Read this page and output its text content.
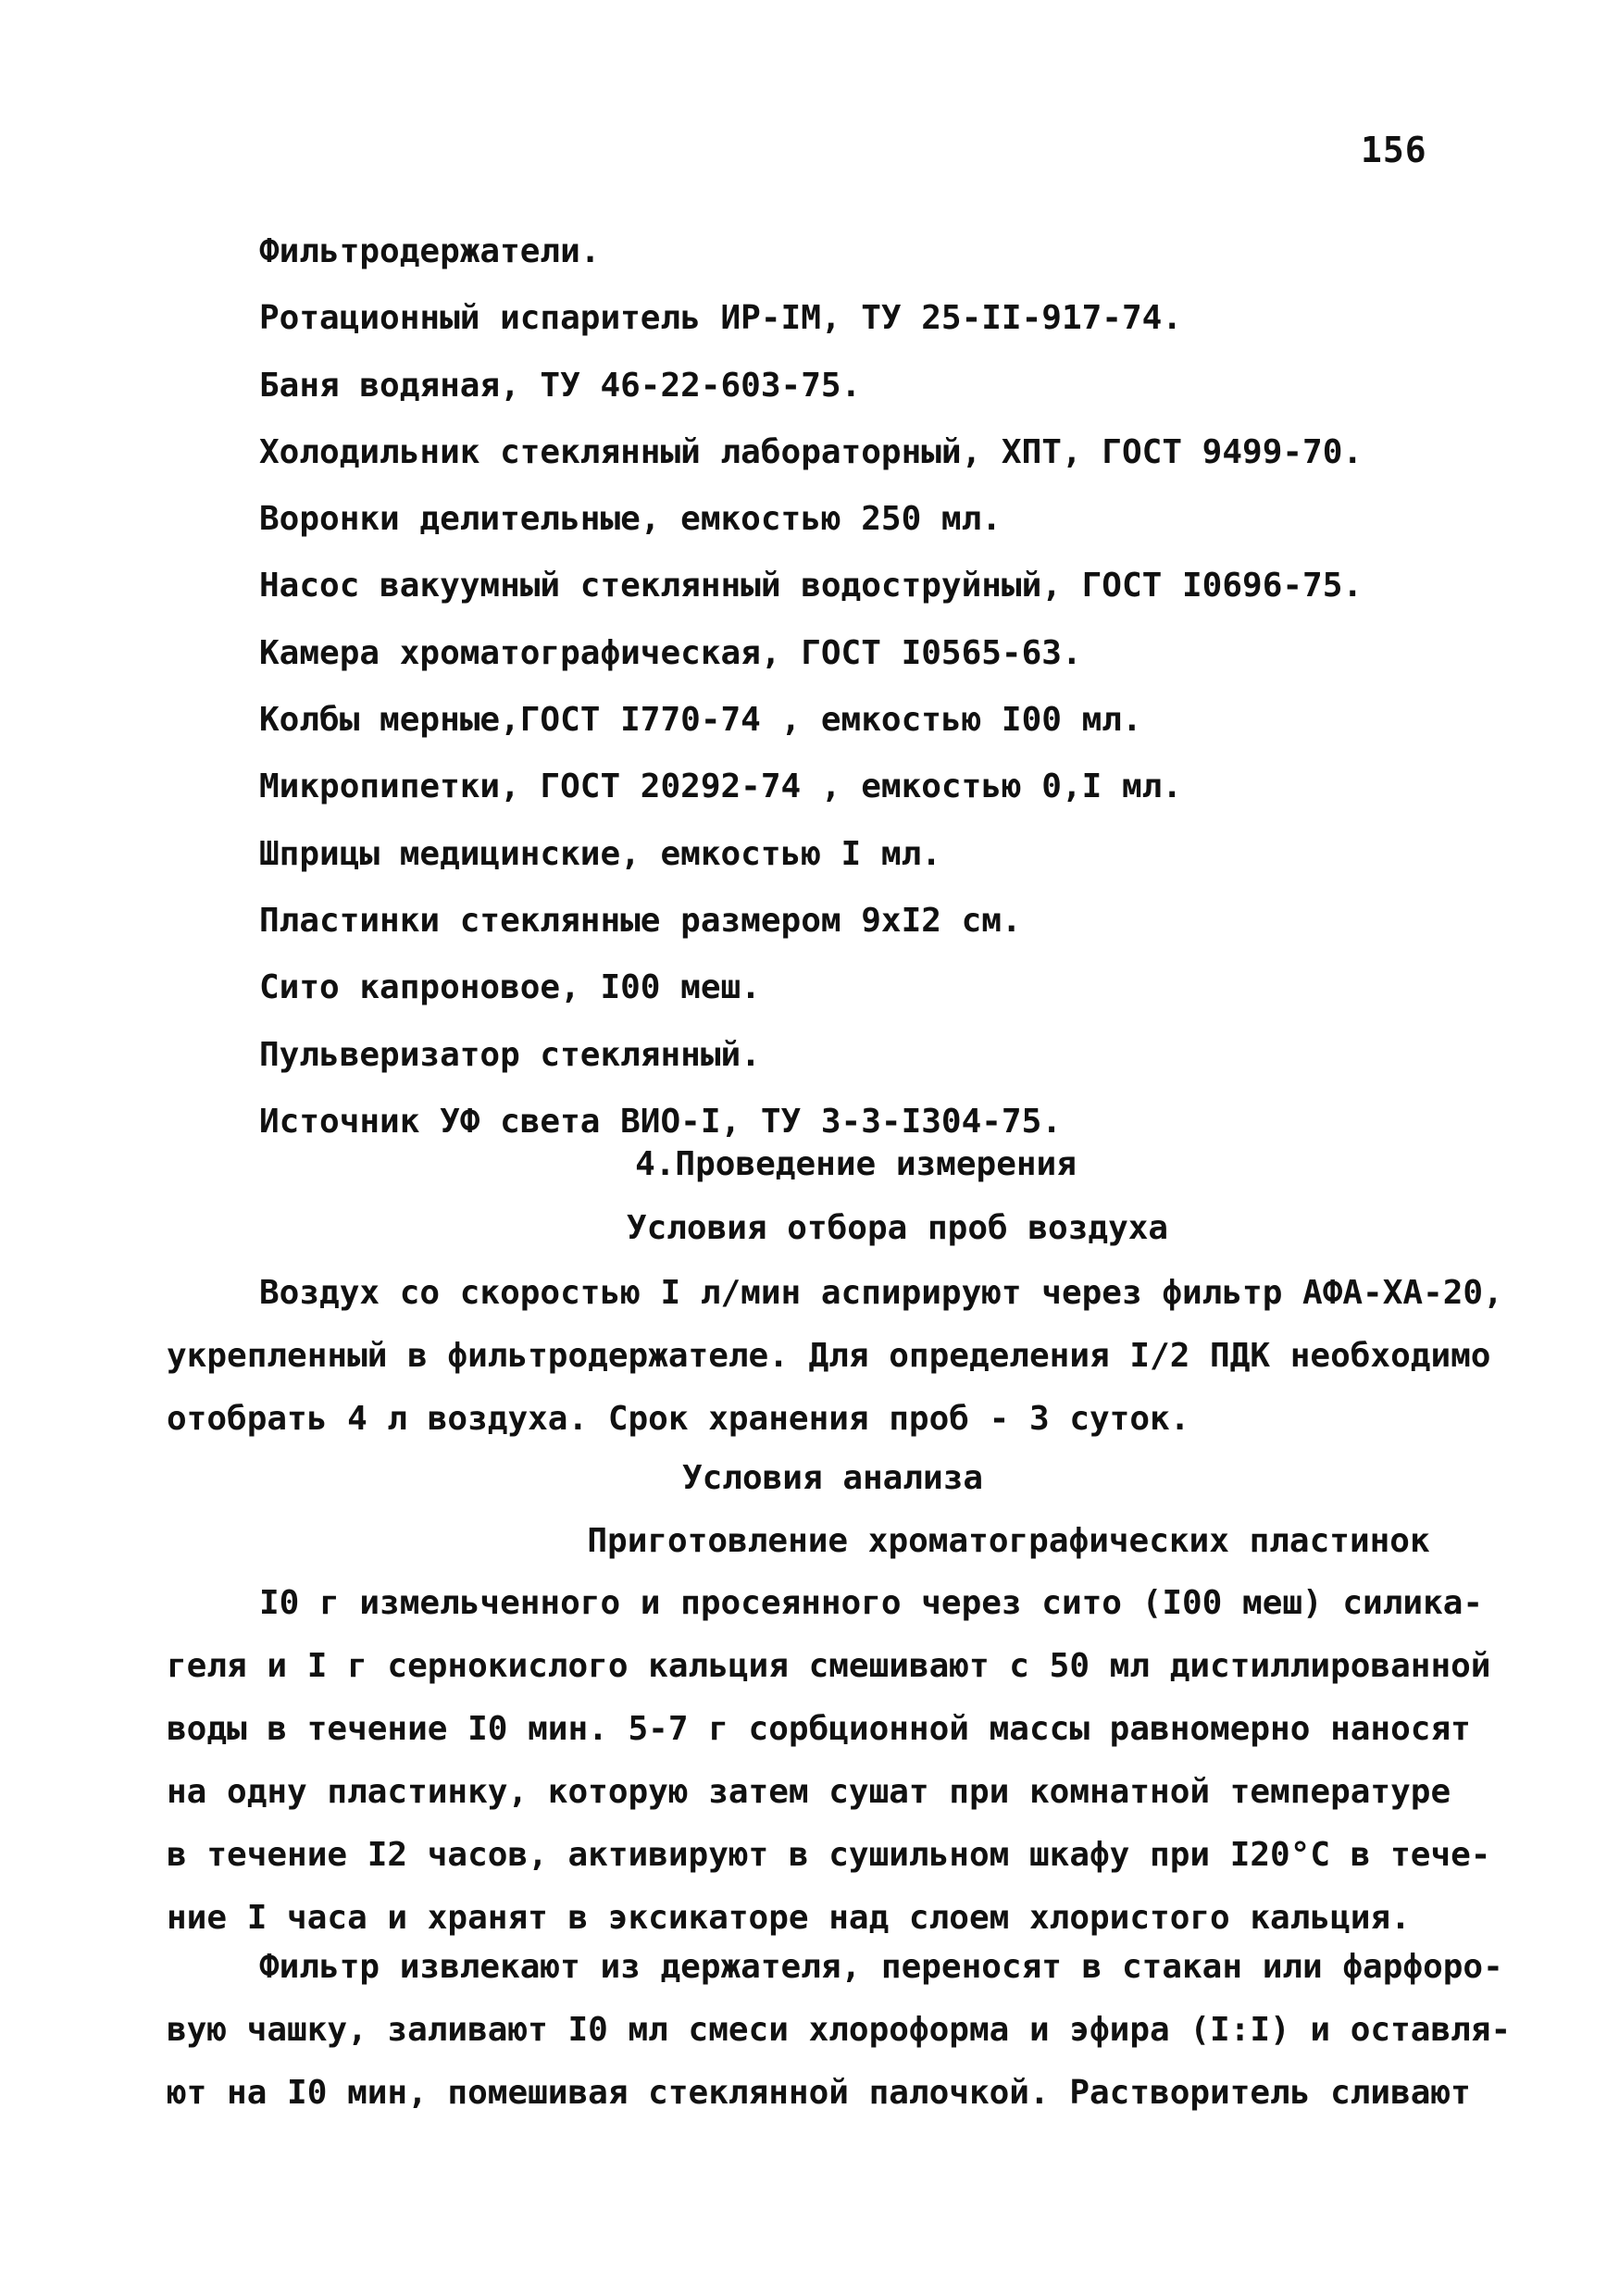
156
Фильтродержатели.
Ротационный испаритель ИР-IM, ТУ 25-II-917-74.
Баня водяная, ТУ 46-22-603-75.
Холодильник стеклянный лабораторный, ХПТ, ГОСТ 9499-70.
Воронки делительные, емкостью 250 мл.
Насос вакуумный стеклянный водоструйный, ГОСТ I0696-75.
Камера хроматографическая, ГОСТ I0565-63.
Колбы мерные,ГОСТ I770-74 , емкостью I00 мл.
Микропипетки, ГОСТ 20292-74 , емкостью 0,I мл.
Шприцы медицинские, емкостью I мл.
Пластинки стеклянные размером 9xI2 см.
Сито капроновое, I00 меш.
Пульверизатор стеклянный.
Источник УФ света ВИО-I, ТУ 3-3-I304-75.
4.Проведение измерения
Условия отбора проб воздуха
Воздух со скоростью I л/мин аспирируют через фильтр АФА-ХА-20,
укрепленный в фильтродержателе. Для определения I/2 ПДК необходимо
отобрать 4 л воздуха. Срок хранения проб - 3 суток.
Условия анализа
Приготовление хроматографических пластинок
I0 г измельченного и просеянного через сито (I00 меш) силика-
геля и I г сернокислого кальция смешивают с 50 мл дистиллированной
воды в течение I0 мин. 5-7 г сорбционной массы равномерно наносят
на одну пластинку, которую затем сушат при комнатной температуре
в течение I2 часов, активируют в сушильном шкафу при I20°C в тече-
ние I часа и хранят в эксикаторе над слоем хлористого кальция.
Фильтр извлекают из держателя, переносят в стакан или фарфоро-
вую чашку, заливают I0 мл смеси хлороформа и эфира (I:I) и оставля-
ют на I0 мин, помешивая стеклянной палочкой. Растворитель сливают
